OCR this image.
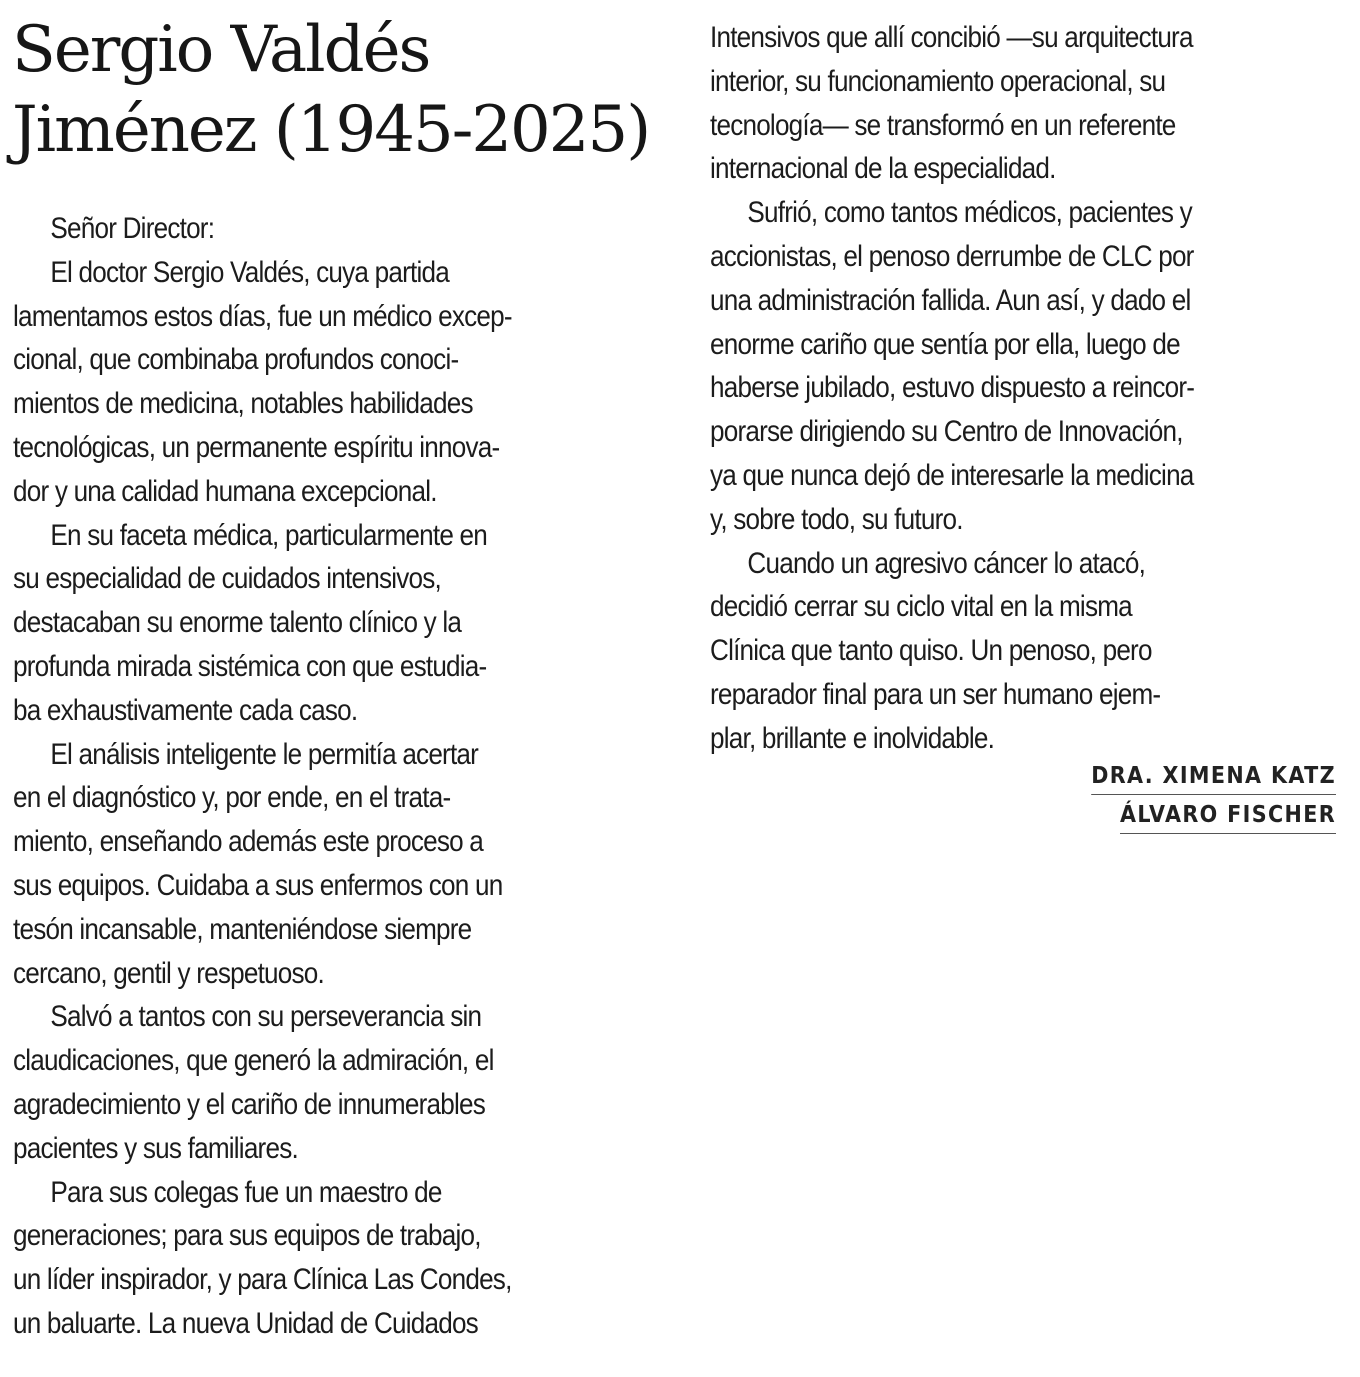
Sergio Valdés
Jiménez (1945-2025)
Señor Director:
El doctor Sergio Valdés, cuya partida
lamentamos estos días, fue un médico excep-
cional, que combinaba profundos conoci-
mientos de medicina, notables habilidades
tecnológicas, un permanente espíritu innova-
dor y una calidad humana excepcional.
En su faceta médica, particularmente en
su especialidad de cuidados intensivos,
destacaban su enorme talento clínico y la
profunda mirada sistémica con que estudia-
ba exhaustivamente cada caso.
El análisis inteligente le permitía acertar
en el diagnóstico y, por ende, en el trata-
miento, enseñando además este proceso a
sus equipos. Cuidaba a sus enfermos con un
tesón incansable, manteniéndose siempre
cercano, gentil y respetuoso.
Salvó a tantos con su perseverancia sin
claudicaciones, que generó la admiración, el
agradecimiento y el cariño de innumerables
pacientes y sus familiares.
Para sus colegas fue un maestro de
generaciones; para sus equipos de trabajo,
un líder inspirador, y para Clínica Las Condes,
un baluarte. La nueva Unidad de Cuidados
Intensivos que allí concibió —su arquitectura
interior, su funcionamiento operacional, su
tecnología— se transformó en un referente
internacional de la especialidad.
Sufrió, como tantos médicos, pacientes y
accionistas, el penoso derrumbe de CLC por
una administración fallida. Aun así, y dado el
enorme cariño que sentía por ella, luego de
haberse jubilado, estuvo dispuesto a reincor-
porarse dirigiendo su Centro de Innovación,
ya que nunca dejó de interesarle la medicina
y, sobre todo, su futuro.
Cuando un agresivo cáncer lo atacó,
decidió cerrar su ciclo vital en la misma
Clínica que tanto quiso. Un penoso, pero
reparador final para un ser humano ejem-
plar, brillante e inolvidable.
DRA. XIMENA KATZ
ÁLVARO FISCHER
